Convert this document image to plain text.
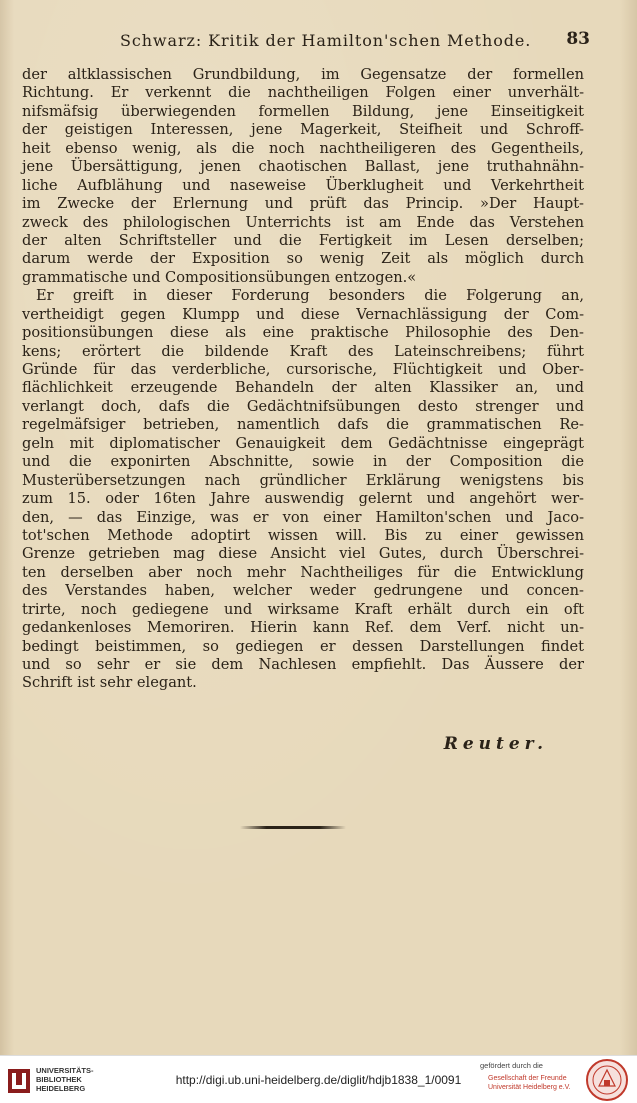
Schwarz: Kritik der Hamilton'schen Methode. 83
der altklassischen Grundbildung, im Gegensatze der formellen
Richtung. Er verkennt die nachtheiligen Folgen einer unverhält-
nifsmäfsig überwiegenden formellen Bildung, jene Einseitigkeit
der geistigen Interessen, jene Magerkeit, Steifheit und Schroff-
heit ebenso wenig, als die noch nachtheiligeren des Gegentheils,
jene Übersättigung, jenen chaotischen Ballast, jene truthahnähn-
liche Aufblähung und naseweise Überklugheit und Verkehrtheit
im Zwecke der Erlernung und prüft das Princip. »Der Haupt-
zweck des philologischen Unterrichts ist am Ende das Verstehen
der alten Schriftsteller und die Fertigkeit im Lesen derselben;
darum werde der Exposition so wenig Zeit als möglich durch
grammatische und Compositionsübungen entzogen.«
Er greift in dieser Forderung besonders die Folgerung an,
vertheidigt gegen Klumpp und diese Vernachlässigung der Com-
positionsübungen diese als eine praktische Philosophie des Den-
kens; erörtert die bildende Kraft des Lateinschreibens; führt
Gründe für das verderbliche, cursorische, Flüchtigkeit und Ober-
flächlichkeit erzeugende Behandeln der alten Klassiker an, und
verlangt doch, dafs die Gedächtnifsübungen desto strenger und
regelmäfsiger betrieben, namentlich dafs die grammatischen Re-
geln mit diplomatischer Genauigkeit dem Gedächtnisse eingeprägt
und die exponirten Abschnitte, sowie in der Composition die
Musterübersetzungen nach gründlicher Erklärung wenigstens bis
zum 15. oder 16ten Jahre auswendig gelernt und angehört wer-
den, — das Einzige, was er von einer Hamilton'schen und Jaco-
tot'schen Methode adoptirt wissen will. Bis zu einer gewissen
Grenze getrieben mag diese Ansicht viel Gutes, durch Überschrei-
ten derselben aber noch mehr Nachtheiliges für die Entwicklung
des Verstandes haben, welcher weder gedrungene und concen-
trirte, noch gediegene und wirksame Kraft erhält durch ein oft
gedankenloses Memoriren. Hierin kann Ref. dem Verf. nicht un-
bedingt beistimmen, so gediegen er dessen Darstellungen findet
und so sehr er sie dem Nachlesen empfiehlt. Das Äussere der
Schrift ist sehr elegant.
Reuter.
UNIVERSITÄTS-
BIBLIOTHEK
HEIDELBERG
http://digi.ub.uni-heidelberg.de/diglit/hdjb1838_1/0091
gefördert durch die
Gesellschaft der Freunde
Universität Heidelberg e.V.
